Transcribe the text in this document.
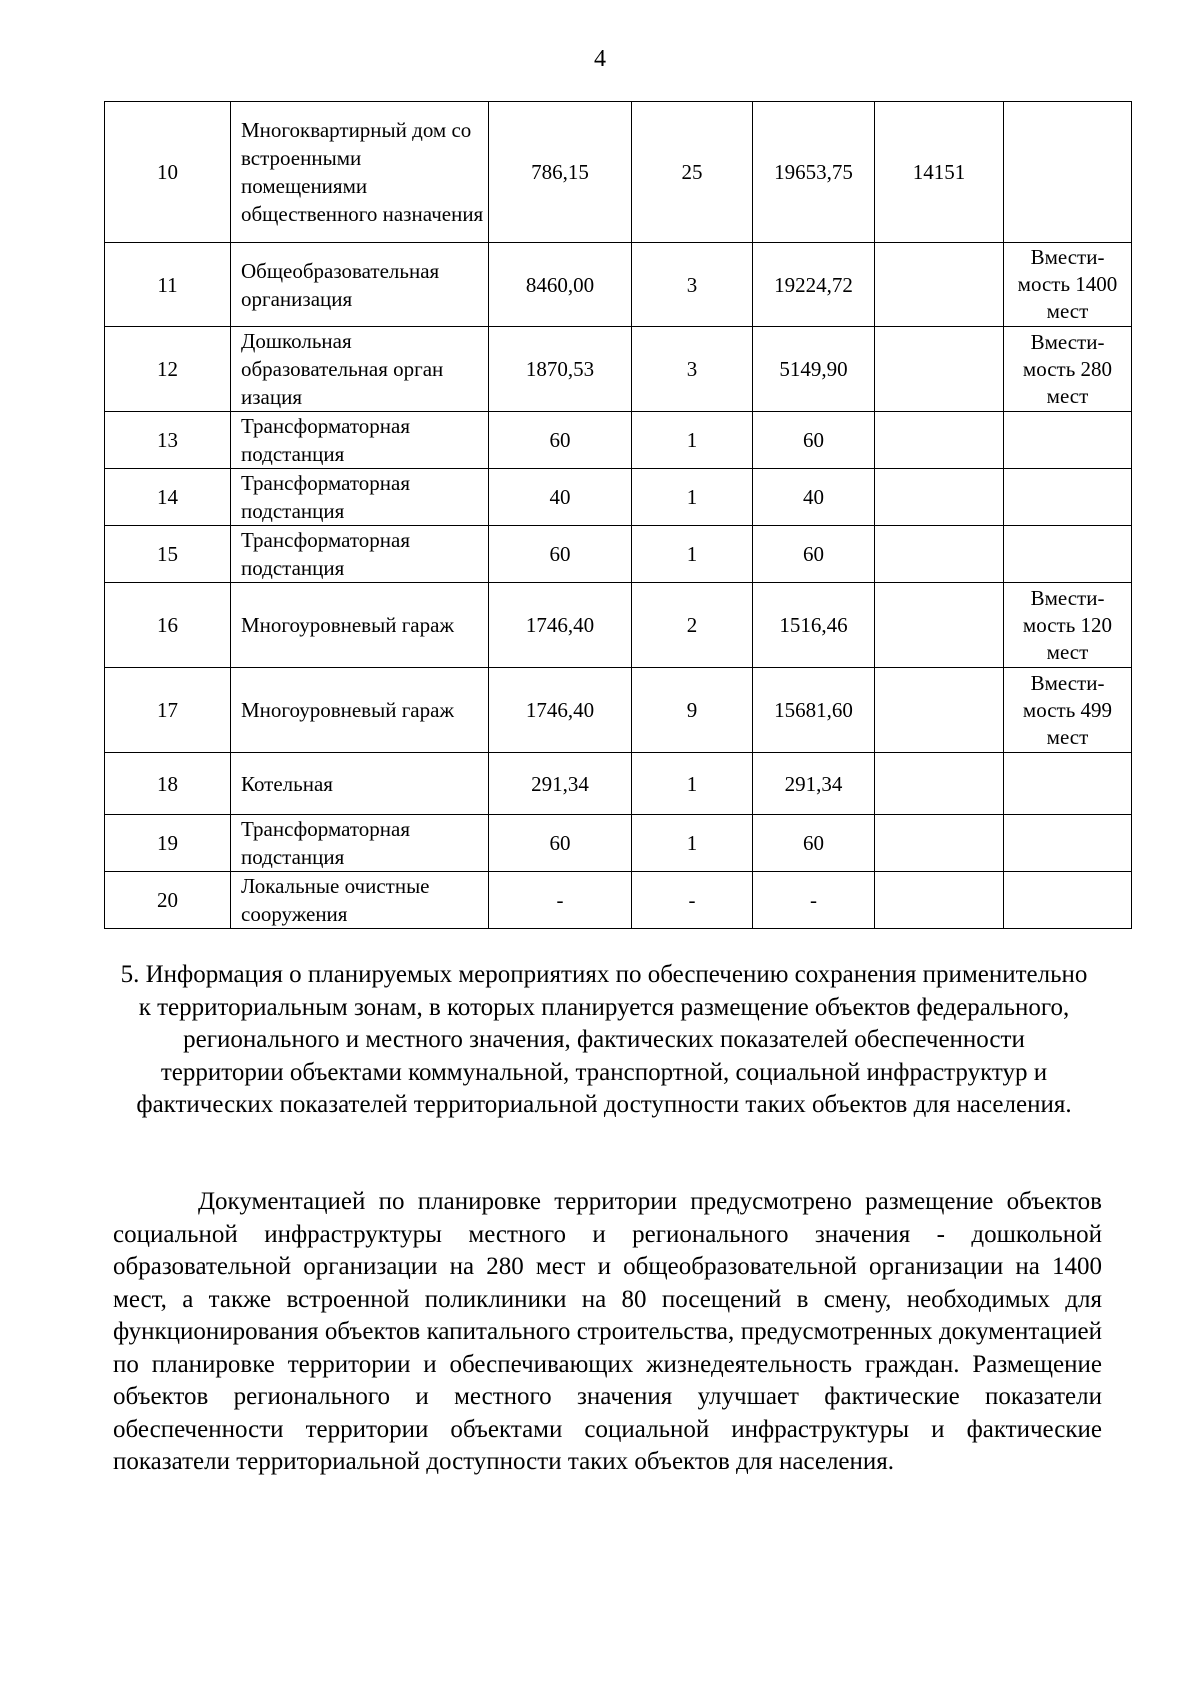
4
10	Многоквартирный дом со встроенными помещениями общественного назначения	786,15	25	19653,75	14151	
11	Общеобразовательная организация	8460,00	3	19224,72		Вмести-мость 1400 мест
12	Дошкольная образовательная орган изация	1870,53	3	5149,90		Вмести-мость 280 мест
13	Трансформаторная подстанция	60	1	60		
14	Трансформаторная подстанция	40	1	40		
15	Трансформаторная подстанция	60	1	60		
16	Многоуровневый гараж	1746,40	2	1516,46		Вмести-мость 120 мест
17	Многоуровневый гараж	1746,40	9	15681,60		Вмести-мость 499 мест
18	Котельная	291,34	1	291,34		
19	Трансформаторная подстанция	60	1	60		
20	Локальные очистные сооружения	-	-	-		
5. Информация о планируемых мероприятиях по обеспечению сохранения применительно к территориальным зонам, в которых планируется размещение объектов федерального, регионального и местного значения, фактических показателей обеспеченности территории объектами коммунальной, транспортной, социальной инфраструктур и фактических показателей территориальной доступности таких объектов для населения.

Документацией по планировке территории предусмотрено размещение объектов социальной инфраструктуры местного и регионального значения - дошкольной образовательной организации на 280 мест и общеобразовательной организации на 1400 мест, а также встроенной поликлиники на 80 посещений в смену, необходимых для функционирования объектов капитального строительства, предусмотренных документацией по планировке территории и обеспечивающих жизнедеятельность граждан. Размещение объектов регионального и местного значения улучшает фактические показатели обеспеченности территории объектами социальной инфраструктуры и фактические показатели территориальной доступности таких объектов для населения.
